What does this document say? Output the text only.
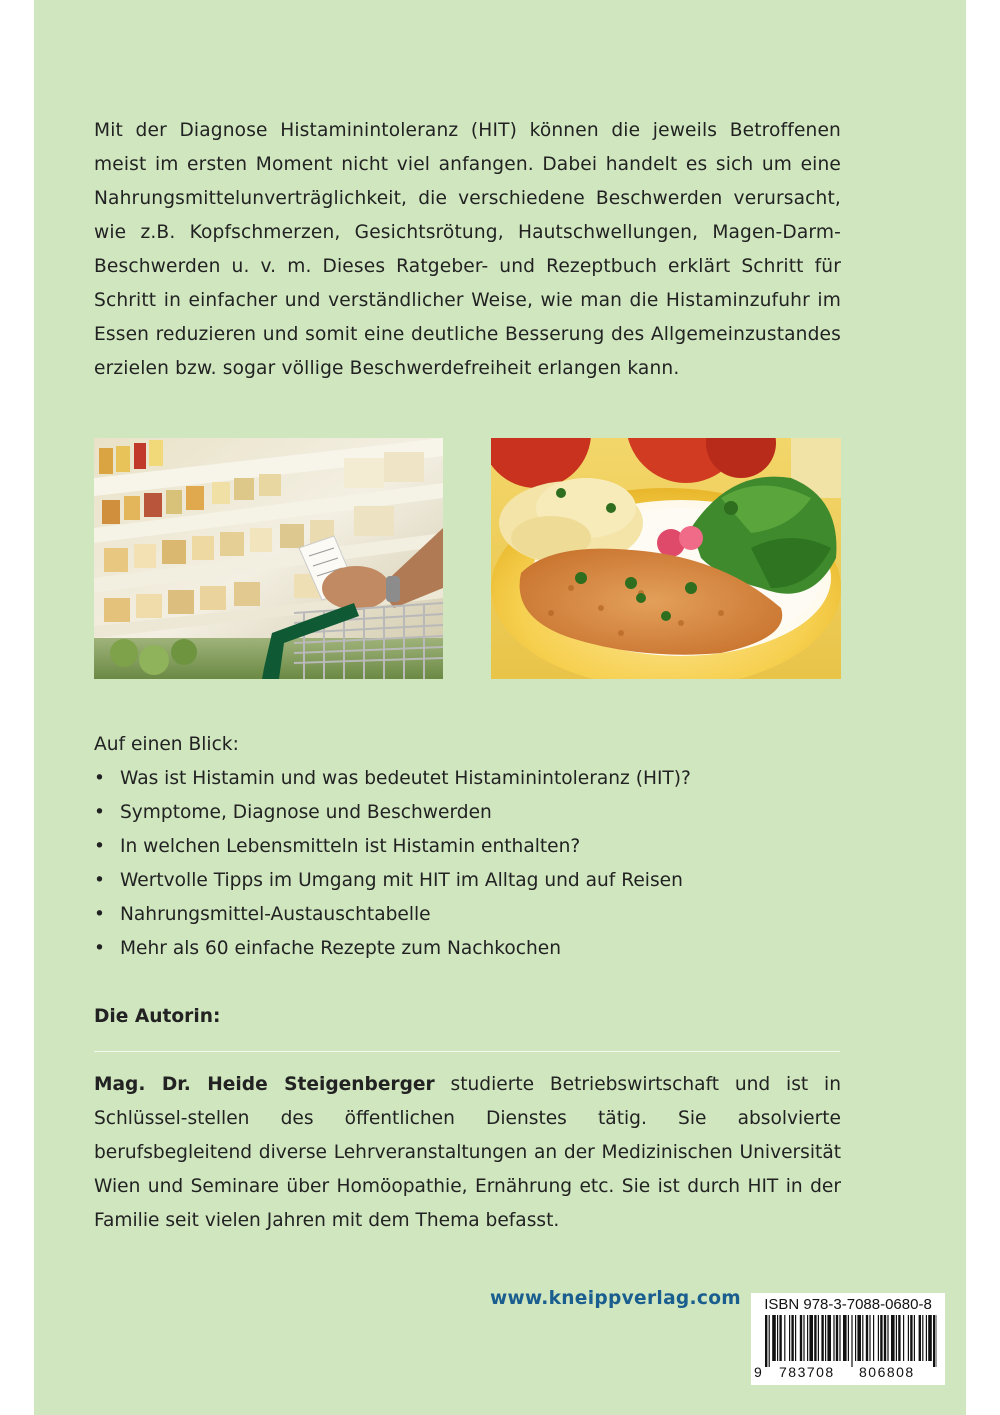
Mit der Diagnose Histaminintoleranz (HIT) können die jeweils Betroffenen meist im ersten Moment nicht viel anfangen. Dabei handelt es sich um eine Nahrungsmittelunverträglichkeit, die verschiedene Beschwerden verursacht, wie z.B. Kopfschmerzen, Gesichtsrötung, Hautschwellungen, Magen-Darm-Beschwerden u. v. m. Dieses Ratgeber- und Rezeptbuch erklärt Schritt für Schritt in einfacher und verständlicher Weise, wie man die Histaminzufuhr im Essen reduzieren und somit eine deutliche Besserung des Allgemeinzustandes erzielen bzw. sogar völlige Beschwerdefreiheit erlangen kann.

Auf einen Blick:

• Was ist Histamin und was bedeutet Histaminintoleranz (HIT)?
• Symptome, Diagnose und Beschwerden
• In welchen Lebensmitteln ist Histamin enthalten?
• Wertvolle Tipps im Umgang mit HIT im Alltag und auf Reisen
• Nahrungsmittel-Austauschtabelle
• Mehr als 60 einfache Rezepte zum Nachkochen

Die Autorin:

Mag. Dr. Heide Steigenberger studierte Betriebswirtschaft und ist in Schlüssel-stellen des öffentlichen Dienstes tätig. Sie absolvierte berufsbegleitend diverse Lehrveranstaltungen an der Medizinischen Universität Wien und Seminare über Homöopathie, Ernährung etc. Sie ist durch HIT in der Familie seit vielen Jahren mit dem Thema befasst.

www.kneippverlag.com	ISBN 978-3-7088-0680-8
9 783708 806808
